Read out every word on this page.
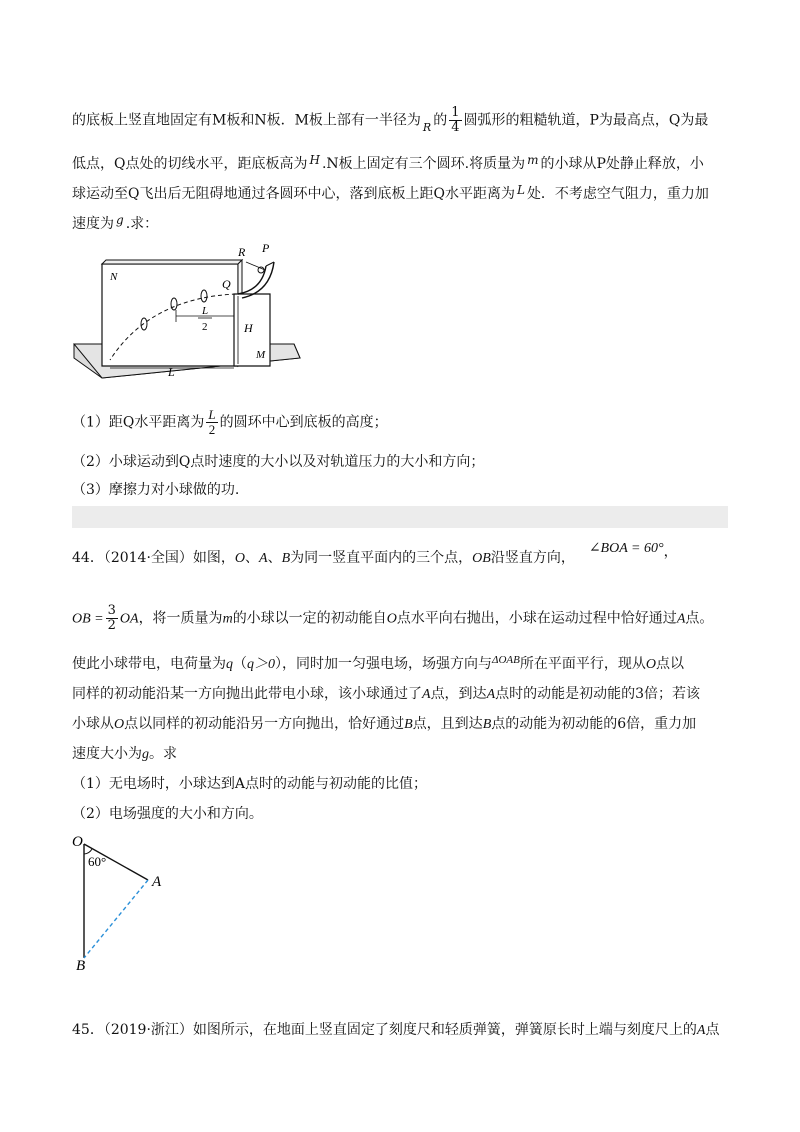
的底板上竖直地固定有M板和N板．M板上部有一半径为 $_R$ 的 $\frac{1}{4}$ 圆弧形的粗糙轨道，P为最高点，Q为最
低点，Q点处的切线水平，距底板高为 H .N板上固定有三个圆环.将质量为 m 的小球从P处静止释放，小
球运动至Q飞出后无阻碍地通过各圆环中心，落到底板上距Q水平距离为 L 处．不考虑空气阻力，重力加
速度为 g .求：
R P
N	Q
L
2	H
M
L
（1）距Q水平距离为 $\frac{L}{2}$ 的圆环中心到底板的高度；
（2）小球运动到Q点时速度的大小以及对轨道压力的大小和方向；
（3）摩擦力对小球做的功.
44．（2014·全国）如图，O、A、B为同一竖直平面内的三个点，OB沿竖直方向，∠BOA = 60°，
OB = $\frac{3}{2}$ OA，将一质量为m的小球以一定的初动能自O点水平向右抛出，小球在运动过程中恰好通过A点。
使此小球带电，电荷量为q（q＞0），同时加一匀强电场，场强方向与$^{\Delta OAB}$所在平面平行，现从O点以
同样的初动能沿某一方向抛出此带电小球，该小球通过了A点，到达A点时的动能是初动能的3倍；若该
小球从O点以同样的初动能沿另一方向抛出，恰好通过B点，且到达B点的动能为初动能的6倍，重力加
速度大小为g。求
（1）无电场时，小球达到A点时的动能与初动能的比值；
（2）电场强度的大小和方向。
O
60°
A
B
45．（2019·浙江）如图所示，在地面上竖直固定了刻度尺和轻质弹簧，弹簧原长时上端与刻度尺上的A点
